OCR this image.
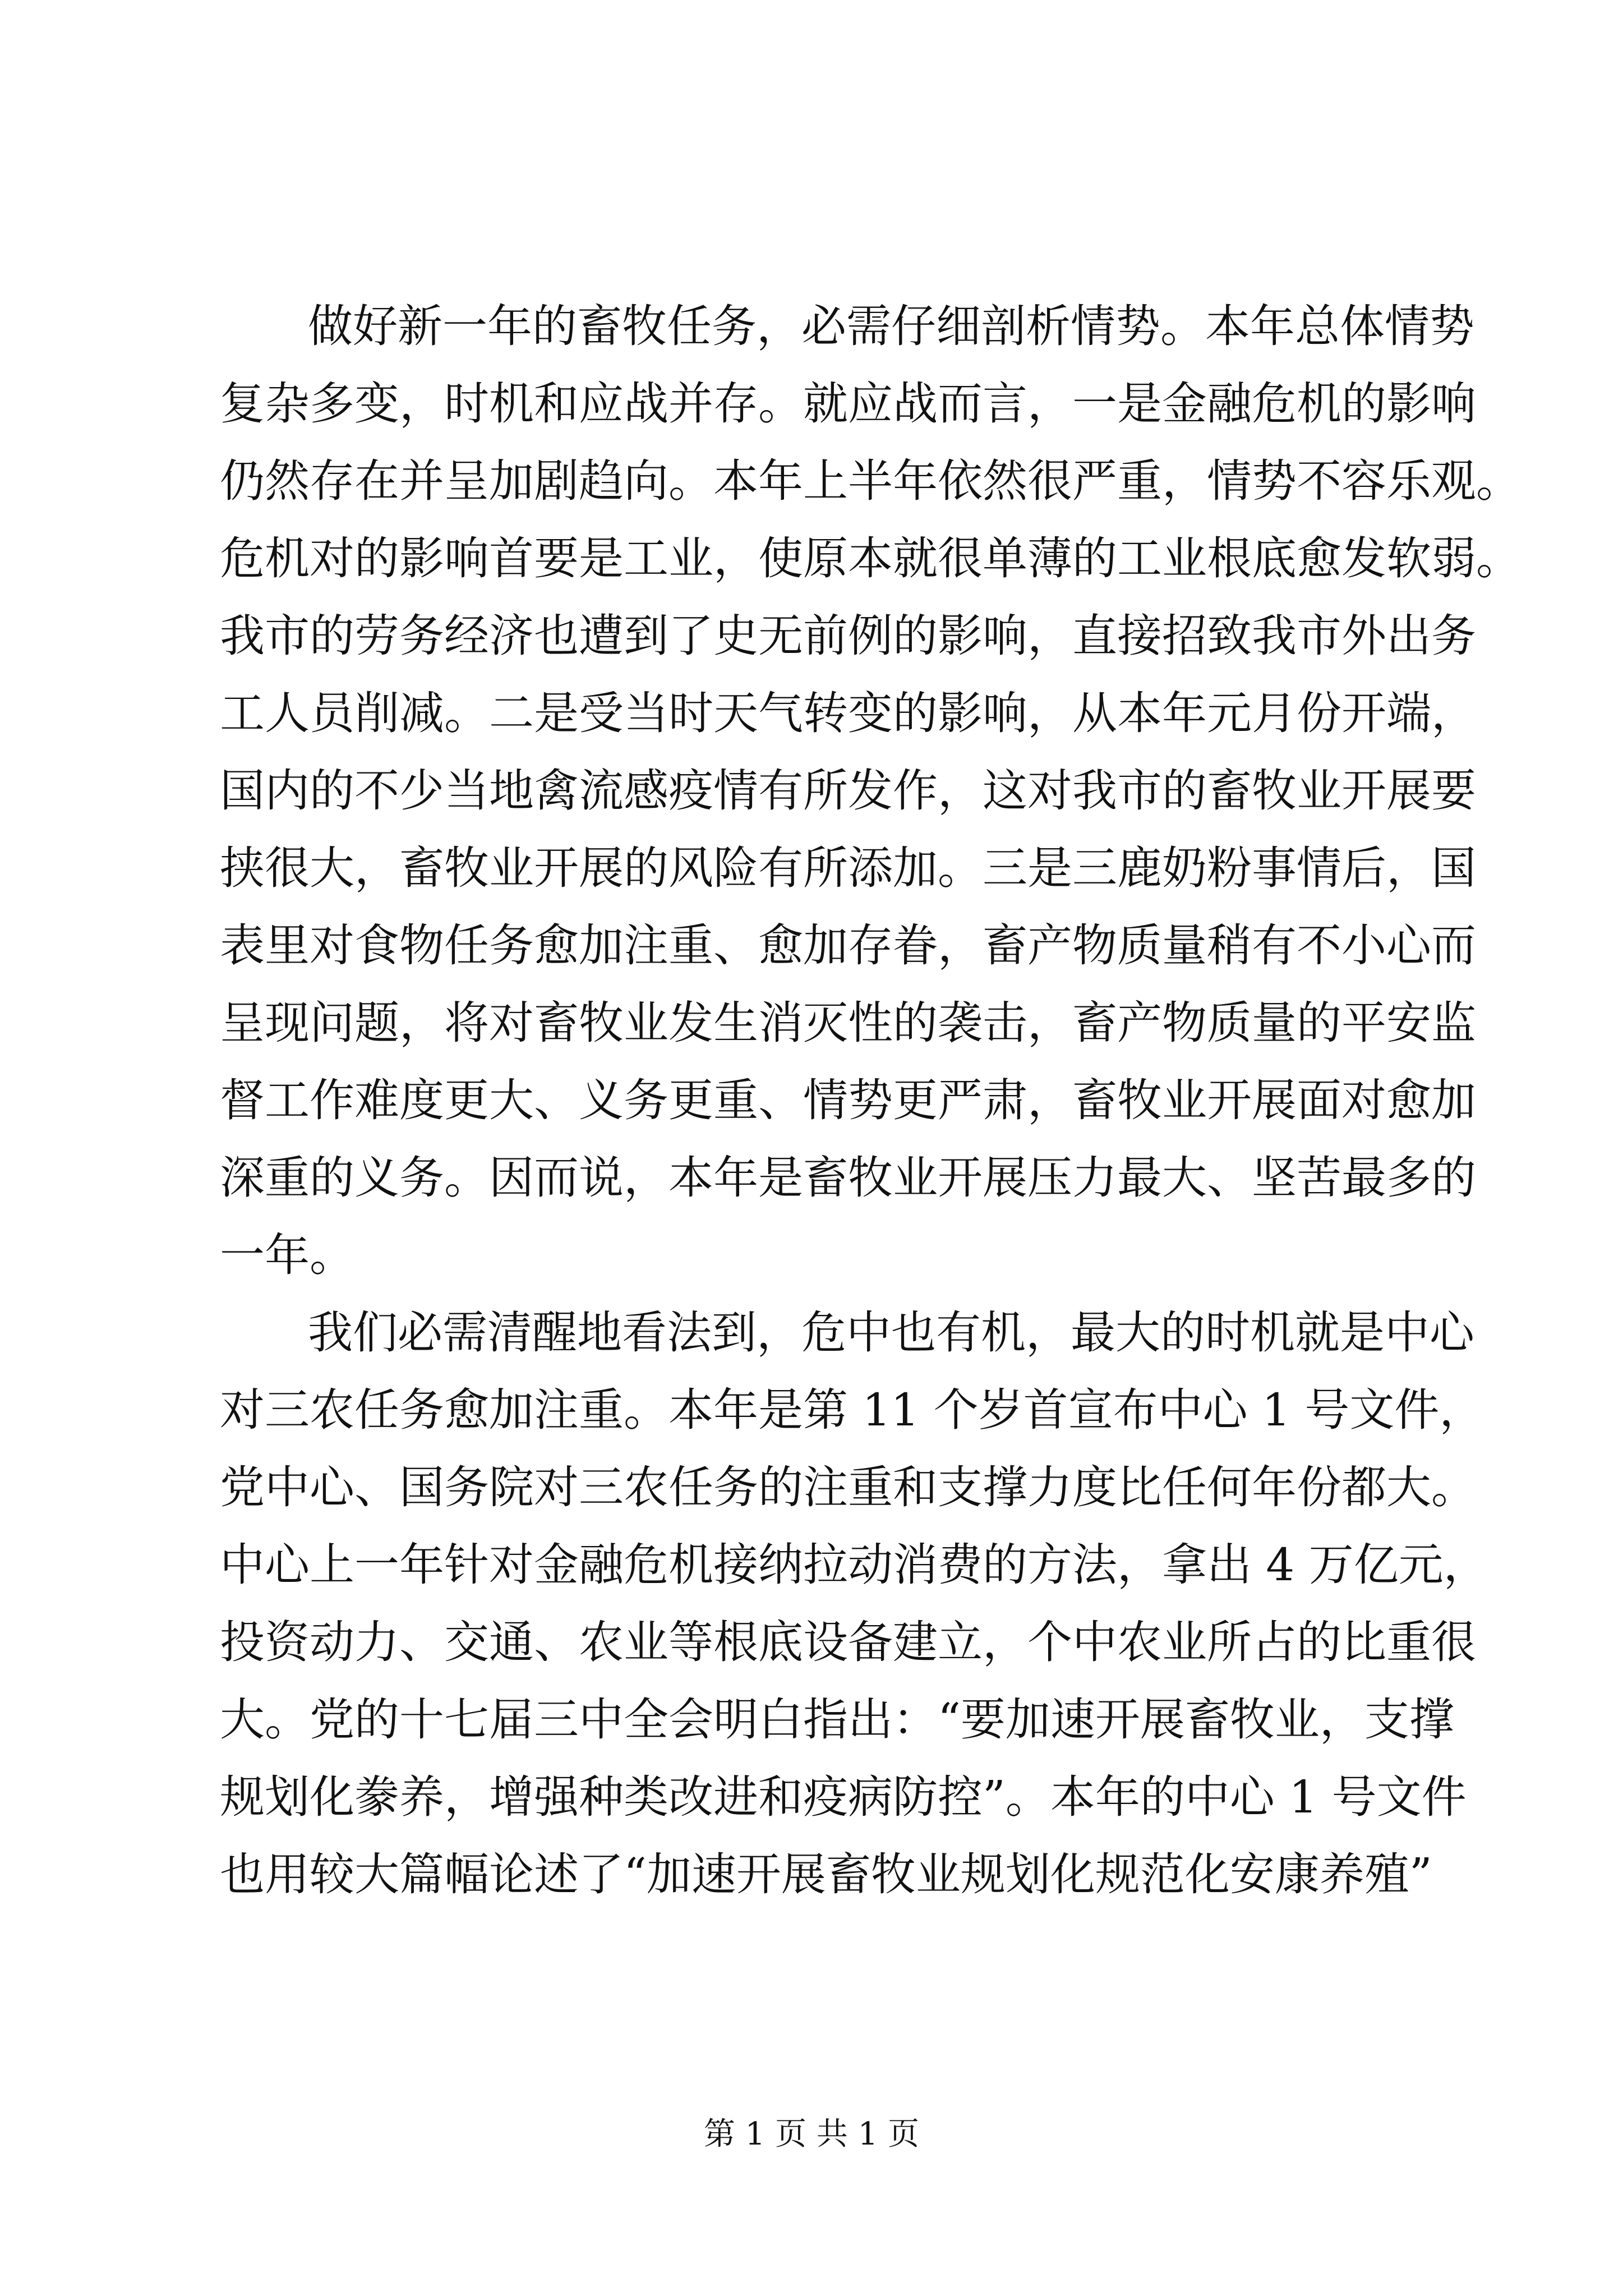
做好新一年的畜牧任务，必需仔细剖析情势。本年总体情势
复杂多变，时机和应战并存。就应战而言，一是金融危机的影响
仍然存在并呈加剧趋向。本年上半年依然很严重，情势不容乐观。
危机对的影响首要是工业，使原本就很单薄的工业根底愈发软弱。
我市的劳务经济也遭到了史无前例的影响，直接招致我市外出务
工人员削减。二是受当时天气转变的影响，从本年元月份开端，
国内的不少当地禽流感疫情有所发作，这对我市的畜牧业开展要
挟很大，畜牧业开展的风险有所添加。三是三鹿奶粉事情后，国
表里对食物任务愈加注重、愈加存眷，畜产物质量稍有不小心而
呈现问题，将对畜牧业发生消灭性的袭击，畜产物质量的平安监
督工作难度更大、义务更重、情势更严肃，畜牧业开展面对愈加
深重的义务。因而说，本年是畜牧业开展压力最大、坚苦最多的
一年。
我们必需清醒地看法到，危中也有机，最大的时机就是中心
对三农任务愈加注重。本年是第 11 个岁首宣布中心 1 号文件，
党中心、国务院对三农任务的注重和支撑力度比任何年份都大。
中心上一年针对金融危机接纳拉动消费的方法，拿出 4 万亿元，
投资动力、交通、农业等根底设备建立，个中农业所占的比重很
大。党的十七届三中全会明白指出：“要加速开展畜牧业，支撑
规划化豢养，增强种类改进和疫病防控”。本年的中心 1 号文件
也用较大篇幅论述了“加速开展畜牧业规划化规范化安康养殖”
第 1 页 共 1 页
